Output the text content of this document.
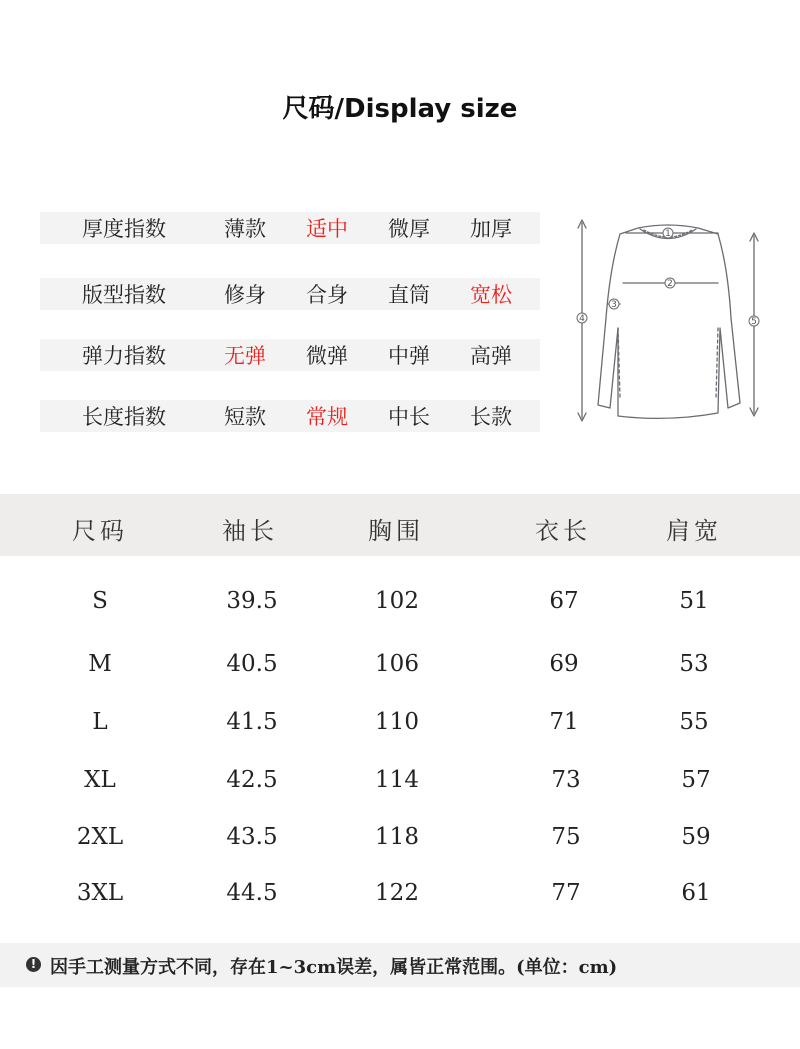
尺码/Display size
厚度指数	薄款	适中	微厚	加厚
版型指数	修身	合身	直筒	宽松
弹力指数	无弹	微弹	中弹	高弹
长度指数	短款	常规	中长	长款
1
2
3
4	5
尺码	袖长	胸围	衣长	肩宽
S	39.5	102	67	51
M	40.5	106	69	53
L	41.5	110	71	55
XL	42.5	114	73	57
2XL	43.5	118	75	59
3XL	44.5	122	77	61
! 因手工测量方式不同，存在1~3cm误差，属皆正常范围。(单位：cm)
